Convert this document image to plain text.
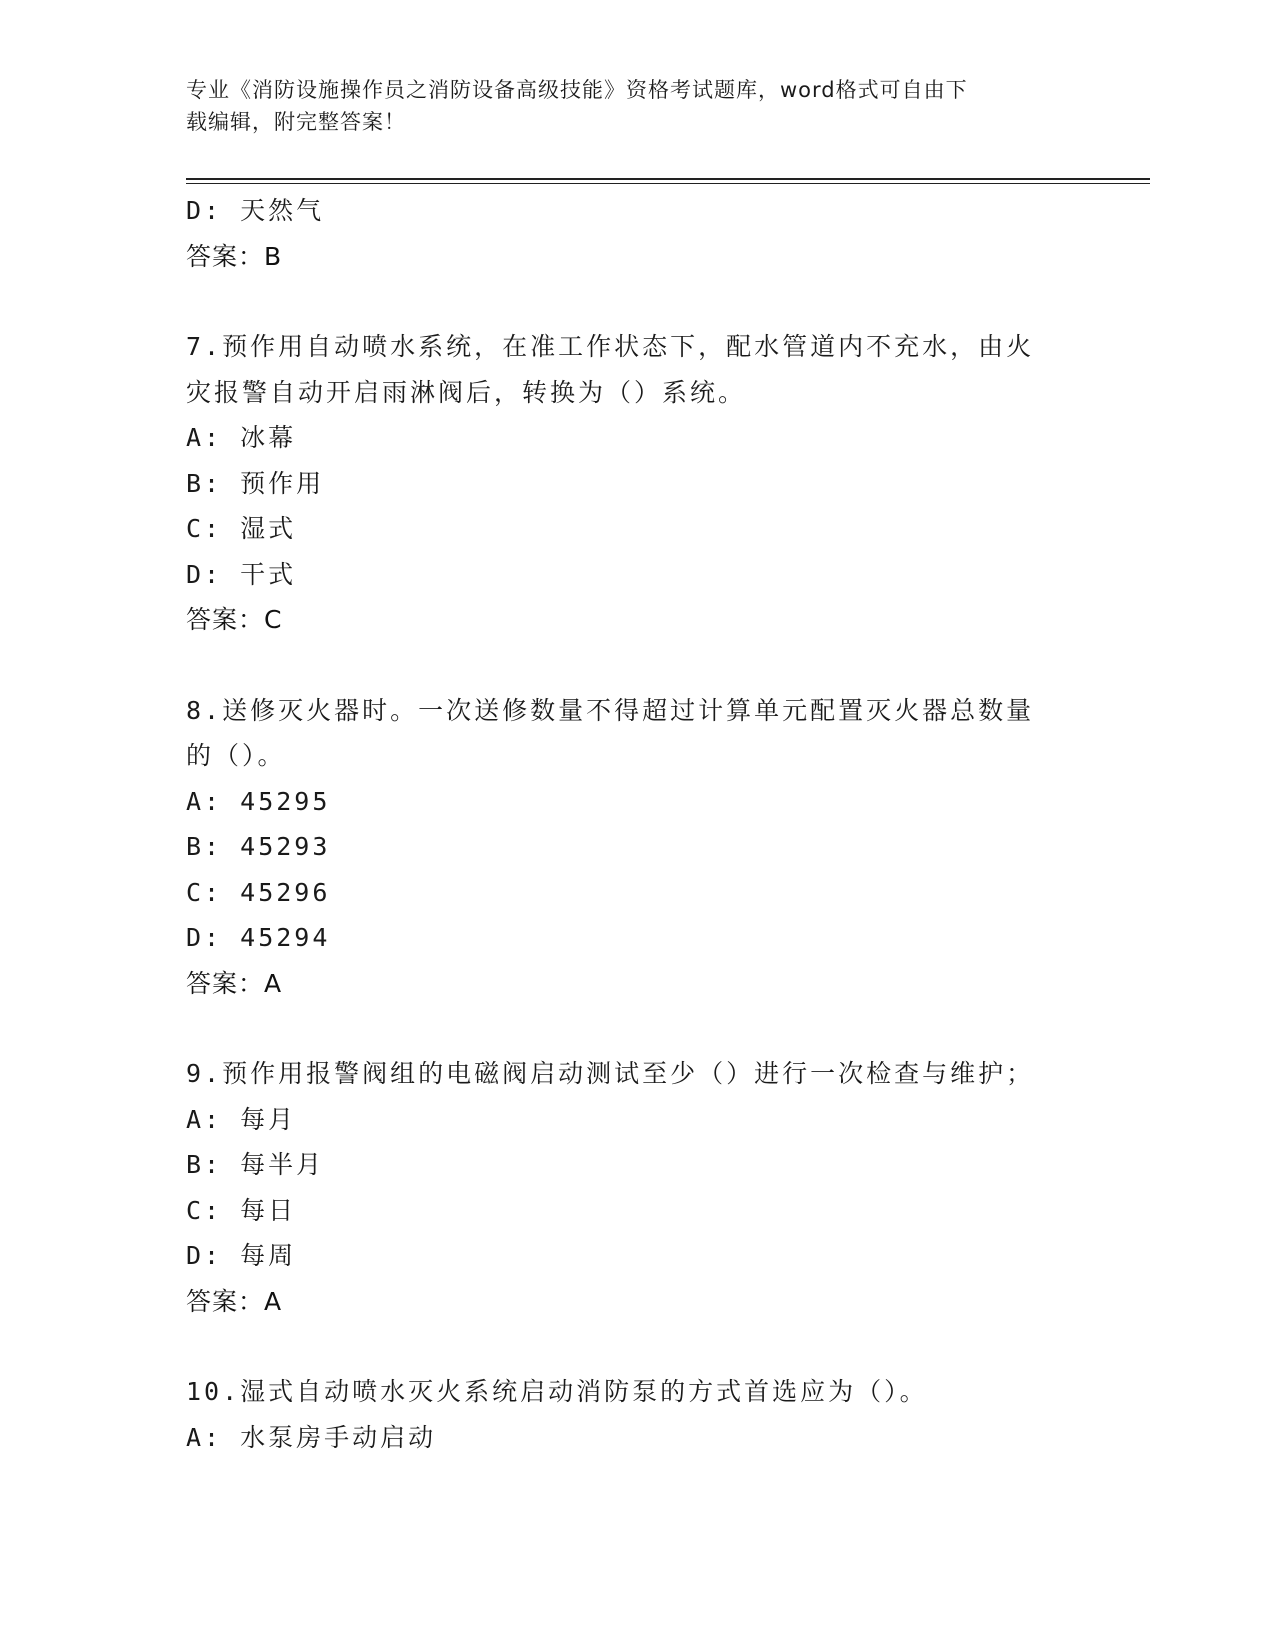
专业《消防设施操作员之消防设备高级技能》资格考试题库，word格式可自由下
载编辑，附完整答案！
D: 天然气
答案：B
7.预作用自动喷水系统，在准工作状态下，配水管道内不充水，由火
灾报警自动开启雨淋阀后，转换为（）系统。
A: 冰幕
B: 预作用
C: 湿式
D: 干式
答案：C
8.送修灭火器时。一次送修数量不得超过计算单元配置灭火器总数量
的（）。
A: 45295
B: 45293
C: 45296
D: 45294
答案：A
9.预作用报警阀组的电磁阀启动测试至少（）进行一次检查与维护；
A: 每月
B: 每半月
C: 每日
D: 每周
答案：A
10.湿式自动喷水灭火系统启动消防泵的方式首选应为（）。
A: 水泵房手动启动
